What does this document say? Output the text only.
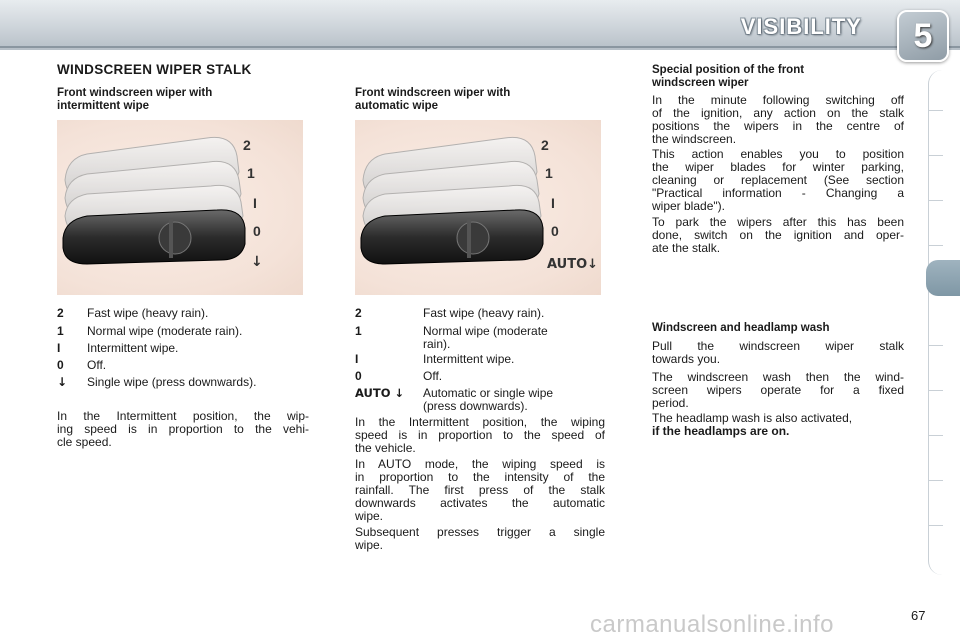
VISIBILITY	5
WINDSCREEN WIPER STALK
Front windscreen wiper with
intermittent wipe
2
1
I
0
↓
2 Fast wipe (heavy rain).
1 Normal wipe (moderate rain).
I Intermittent wipe.
0 Off.
↓ Single wipe (press downwards).
In the Intermittent position, the wip-
ing speed is in proportion to the vehi-
cle speed.
Front windscreen wiper with
automatic wipe
2
1
I
0
AUTO↓
2	Fast wipe (heavy rain).
1	Normal wipe (moderate
rain).
I	Intermittent wipe.
0	Off.
AUTO ↓ Automatic or single wipe
(press downwards).
In the Intermittent position, the wiping
speed is in proportion to the speed of
the vehicle.
In AUTO mode, the wiping speed is
in proportion to the intensity of the
rainfall. The first press of the stalk
downwards activates the automatic
wipe.
Subsequent presses trigger a single
wipe.
Special position of the front
windscreen wiper
In the minute following switching off
of the ignition, any action on the stalk
positions the wipers in the centre of
the windscreen.
This action enables you to position
the wiper blades for winter parking,
cleaning or replacement (See section
"Practical information - Changing a
wiper blade").
To park the wipers after this has been
done, switch on the ignition and oper-
ate the stalk.
Windscreen and headlamp wash
Pull the windscreen wiper stalk
towards you.
The windscreen wash then the wind-
screen wipers operate for a fixed
period.
The headlamp wash is also activated,
if the headlamps are on.
carmanualsonline.info	67
